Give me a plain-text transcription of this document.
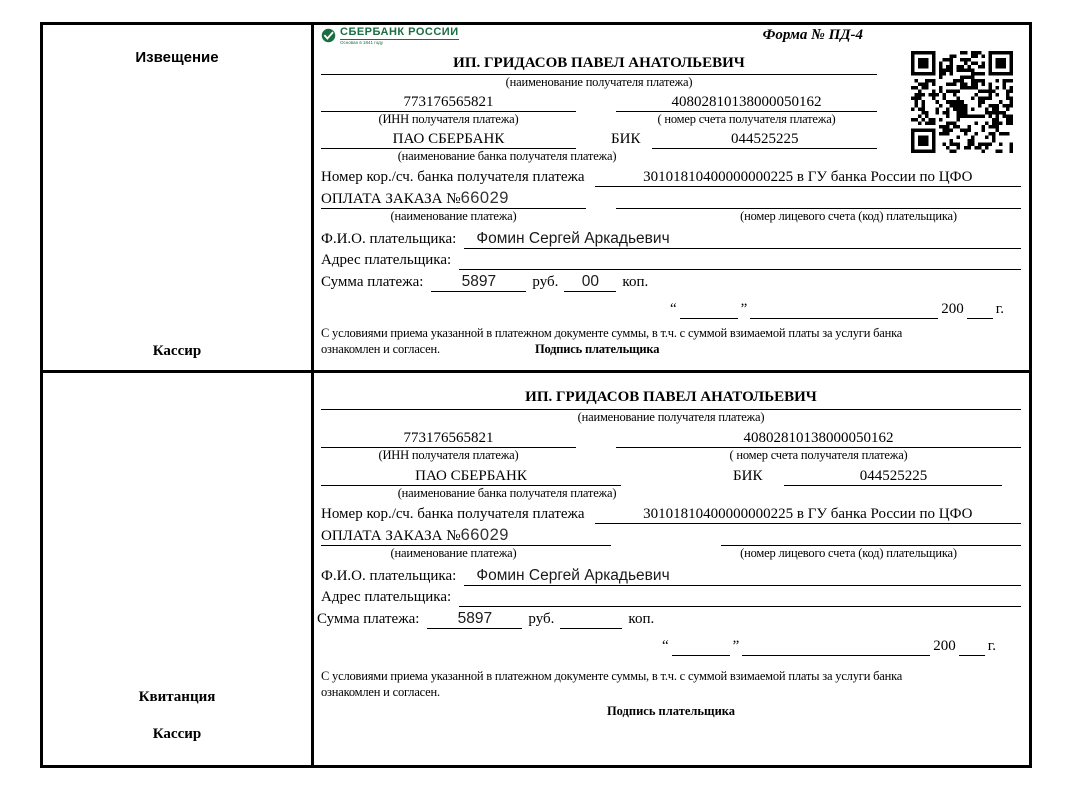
Извещение
Кассир
СБЕРБАНК РОССИИ
Основан в 1841 году	Форма № ПД-4
ИП. ГРИДАСОВ ПАВЕЛ АНАТОЛЬЕВИЧ
(наименование получателя платежа)
773176565821	40802810138000050162
(ИНН получателя платежа)	( номер счета получателя платежа)
ПАО СБЕРБАНК	БИК	044525225
(наименование банка получателя платежа)
Номер кор./сч. банка получателя платежа	30101810400000000225 в ГУ банка России по ЦФО
ОПЛАТА ЗАКАЗА №66029
(наименование платежа)	(номер лицевого счета (код) плательщика)
Ф.И.О. плательщика:	Фомин Сергей Аркадьевич
Адрес плательщика:
Сумма платежа:	5897	руб.	00	коп.
“	”	200 г.
С условиями приема указанной в платежном документе суммы, в т.ч. с суммой взимаемой платы за услуги банка
ознакомлен и согласен.	Подпись плательщика
Квитанция
Кассир
ИП. ГРИДАСОВ ПАВЕЛ АНАТОЛЬЕВИЧ
(наименование получателя платежа)
773176565821	40802810138000050162
(ИНН получателя платежа)	( номер счета получателя платежа)
ПАО СБЕРБАНК	БИК	044525225
(наименование банка получателя платежа)
Номер кор./сч. банка получателя платежа	30101810400000000225 в ГУ банка России по ЦФО
ОПЛАТА ЗАКАЗА №66029
(наименование платежа)	(номер лицевого счета (код) плательщика)
Ф.И.О. плательщика:	Фомин Сергей Аркадьевич
Адрес плательщика:
Сумма платежа:	5897	руб.	коп.
“	”	200 г.
С условиями приема указанной в платежном документе суммы, в т.ч. с суммой взимаемой платы за услуги банка
ознакомлен и согласен.
Подпись плательщика
